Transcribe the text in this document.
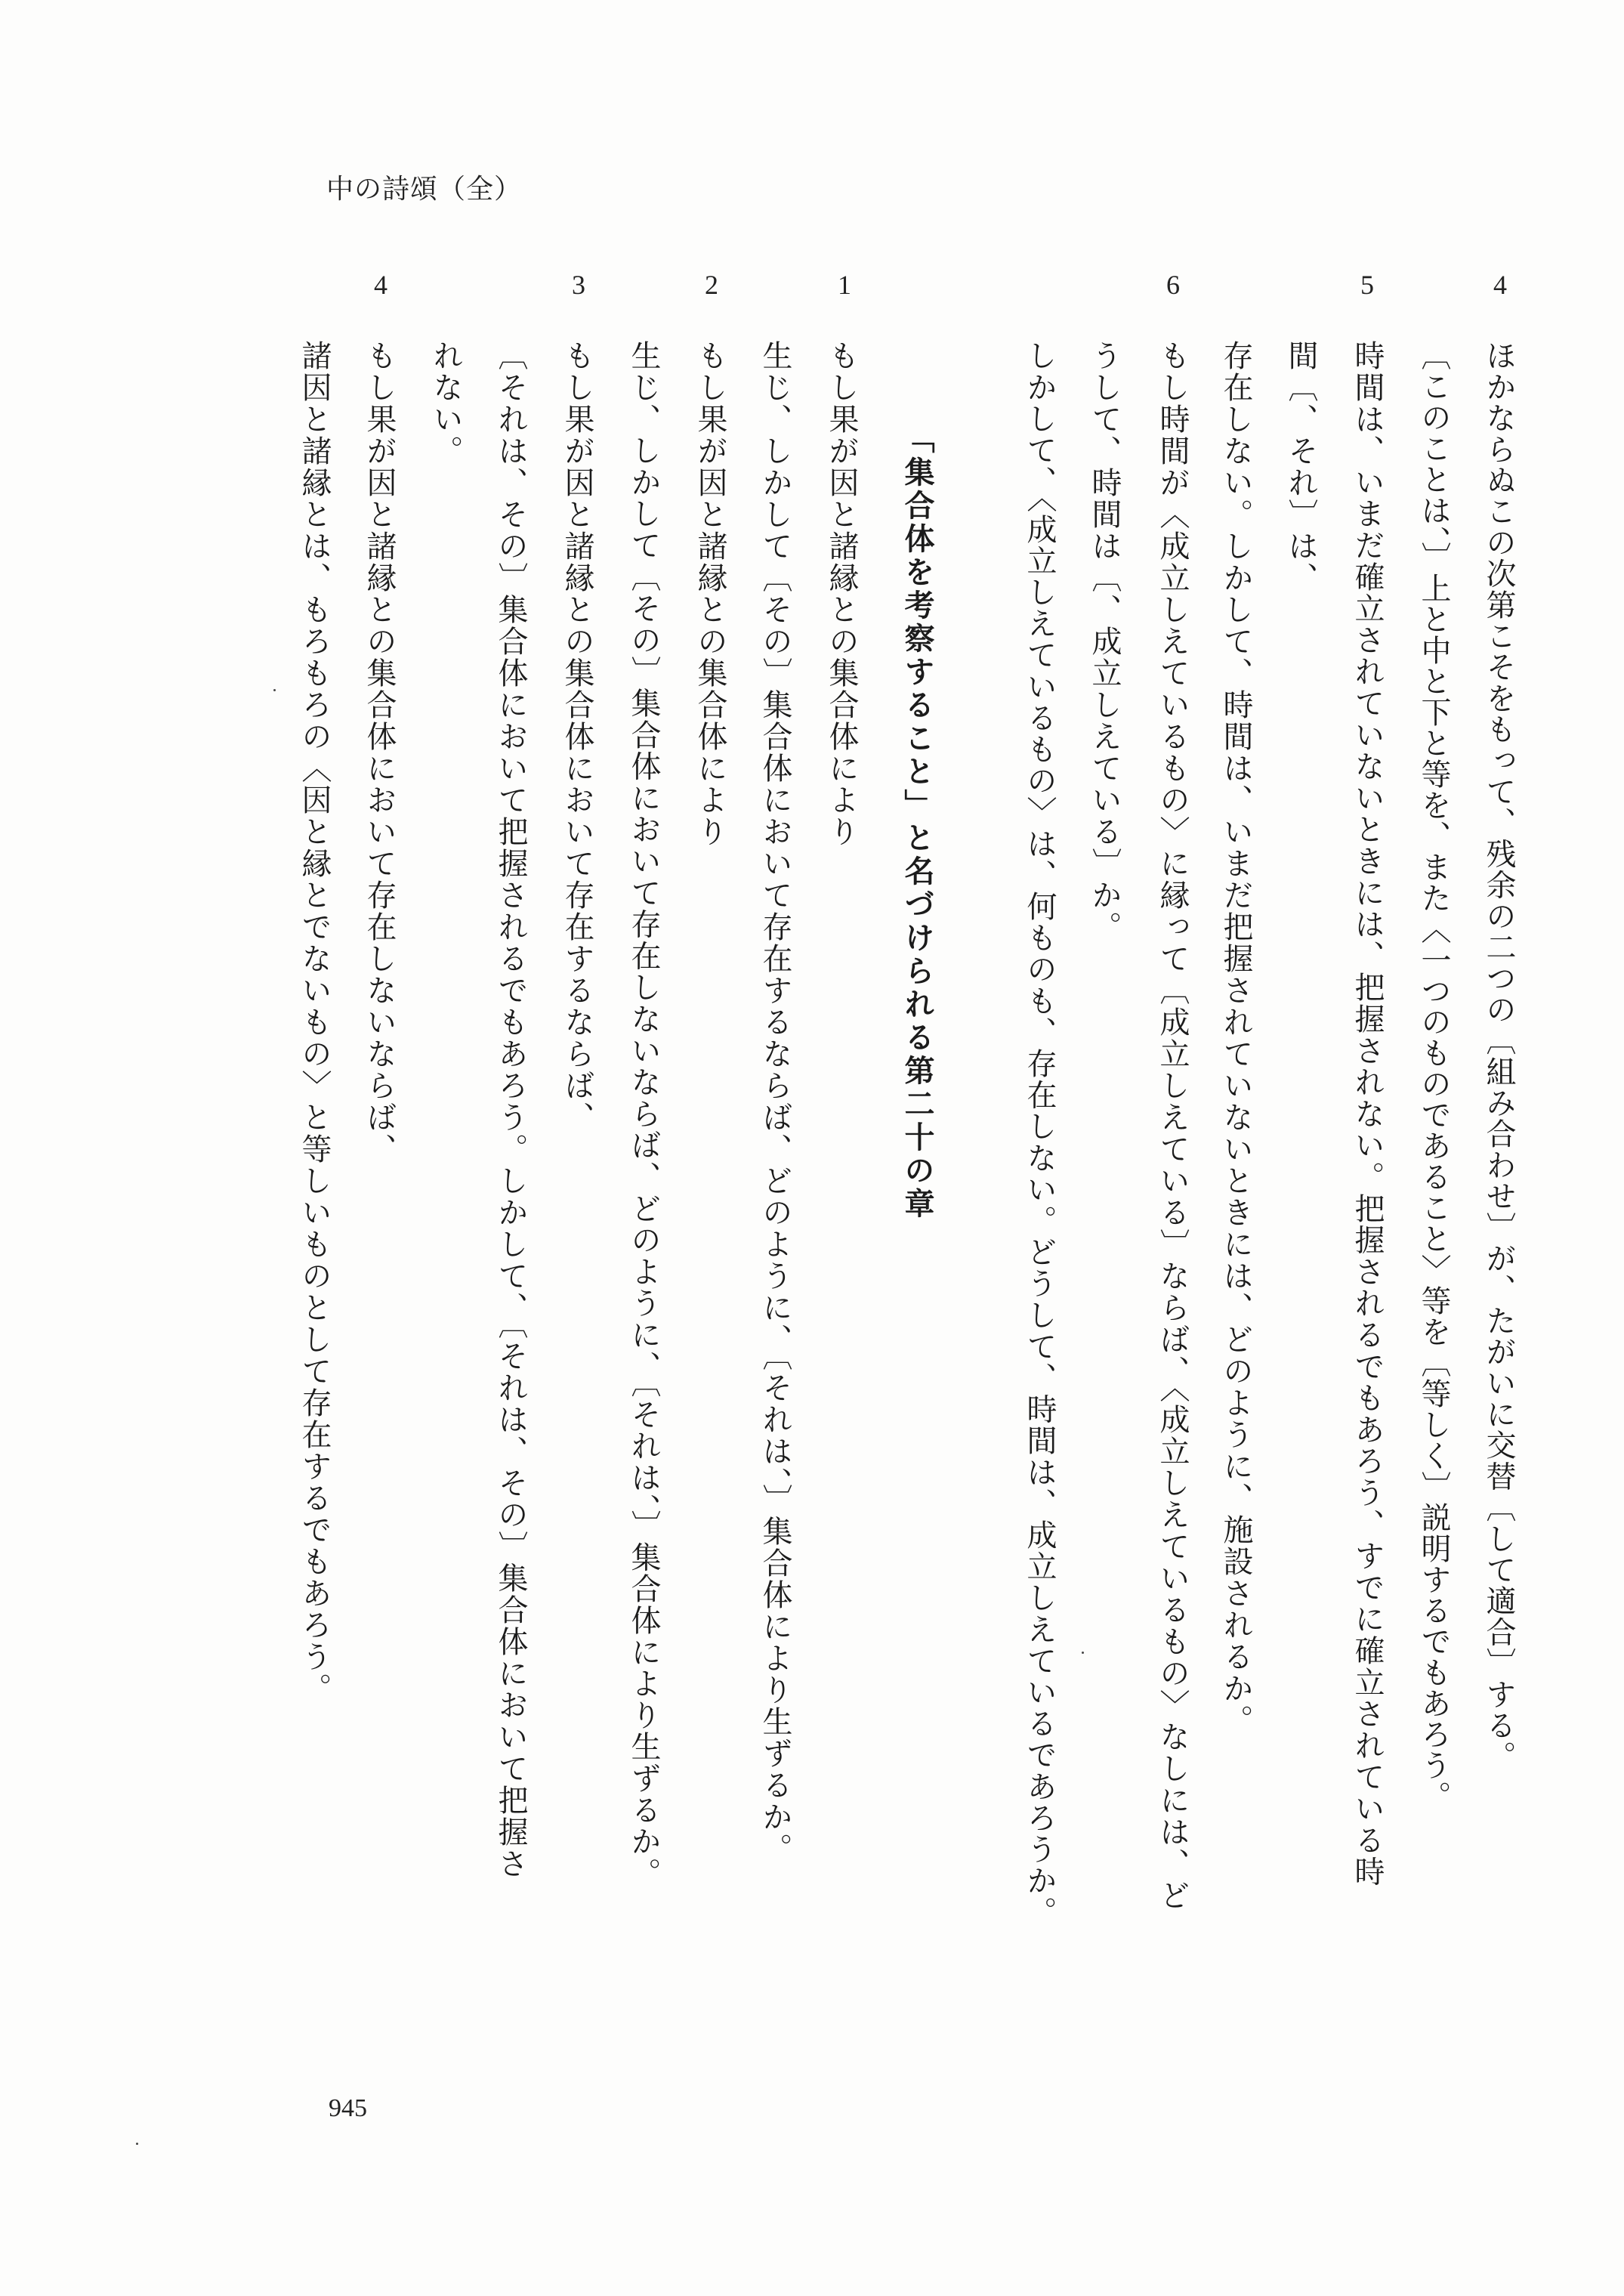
中の詩頌（全）
4
5
6
1
2
3
4
ほかならぬこの次第こそをもって、残余の二つの〔組み合わせ〕が、たがいに交替〔して適合〕する。
〔このことは、〕上と中と下と等を、また〈一つのものであること〉等を〔等しく〕説明するでもあろう。
時間は、いまだ確立されていないときには、把握されない。把握されるでもあろう、すでに確立されている時
間〔、それ〕は、
存在しない。しかして、時間は、いまだ把握されていないときには、どのように、施設されるか。
もし時間が〈成立しえているもの〉に縁って〔成立しえている〕ならば、〈成立しえているもの〉なしには、ど
うして、時間は〔、成立しえている〕か。
しかして、〈成立しえているもの〉は、何ものも、存在しない。どうして、時間は、成立しえているであろうか。
「集合体を考察すること」と名づけられる第二十の章
もし果が因と諸縁との集合体により
生じ、しかして〔その〕集合体において存在するならば、どのように、〔それは、〕集合体により生ずるか。
もし果が因と諸縁との集合体により
生じ、しかして〔その〕集合体において存在しないならば、どのように、〔それは、〕集合体により生ずるか。
もし果が因と諸縁との集合体において存在するならば、
〔それは、その〕集合体において把握されるでもあろう。しかして、〔それは、その〕集合体において把握さ
れない。
もし果が因と諸縁との集合体において存在しないならば、
諸因と諸縁とは、もろもろの〈因と縁とでないもの〉と等しいものとして存在するでもあろう。
945
